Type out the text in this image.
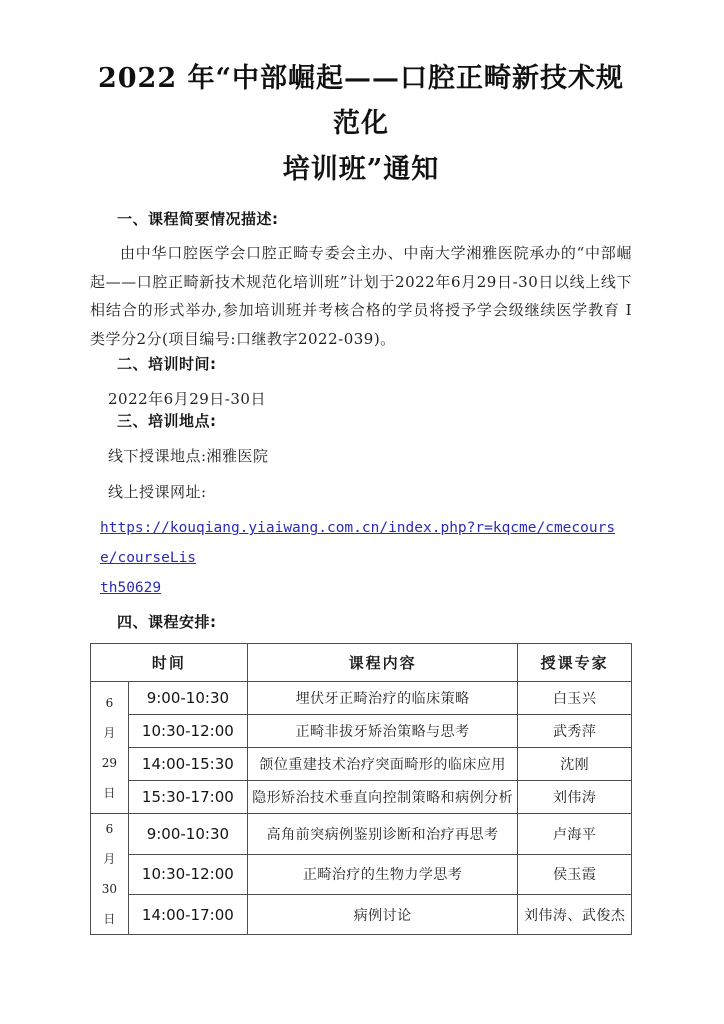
2022 年“中部崛起——口腔正畸新技术规范化
培训班”通知
一、课程简要情况描述:

由中华口腔医学会口腔正畸专委会主办、中南大学湘雅医院承办的“中部崛起——口腔正畸新技术规范化培训班”计划于2022年6月29日-30日以线上线下相结合的形式举办,参加培训班并考核合格的学员将授予学会级继续医学教育 I 类学分2分(项目编号:口继教字2022-039)。

二、培训时间:

2022年6月29日-30日

三、培训地点:

线下授课地点:湘雅医院

线上授课网址:

https://kouqiang.yiaiwang.com.cn/index.php?r=kqcme/cmecourse/courseLis
th50629

四、课程安排:
时间		课程内容	授课专家

6
月
29
日	9:00-10:30	埋伏牙正畸治疗的临床策略	白玉兴
	10:30-12:00	正畸非拔牙矫治策略与思考	武秀萍
	14:00-15:30	颌位重建技术治疗突面畸形的临床应用	沈刚
	15:30-17:00	隐形矫治技术垂直向控制策略和病例分析	刘伟涛

6
月
30
日	9:00-10:30	高角前突病例鉴别诊断和治疗再思考	卢海平
	10:30-12:00	正畸治疗的生物力学思考	侯玉霞
	14:00-17:00	病例讨论	刘伟涛、武俊杰
